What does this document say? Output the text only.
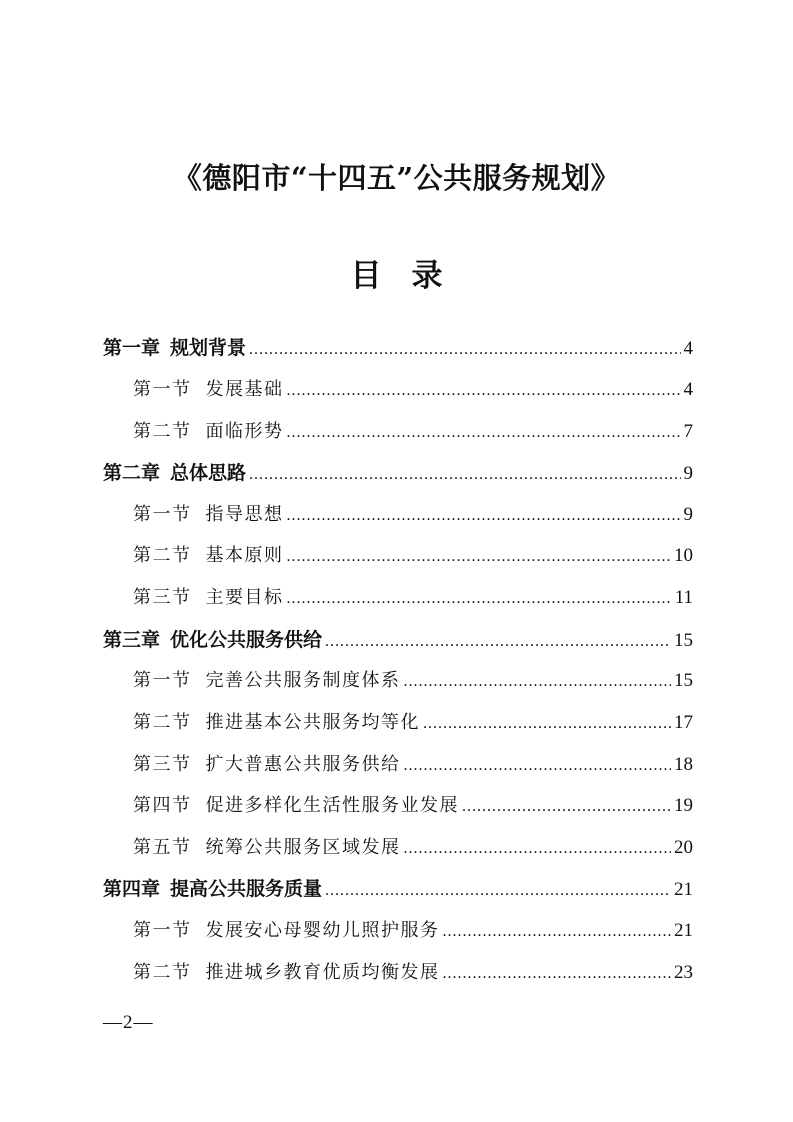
《德阳市“十四五”公共服务规划》
目 录
第一章 规划背景 .....	4
第一节 发展基础 .....	4
第二节 面临形势 .....	7
第二章 总体思路 .....	9
第一节 指导思想 .....	9
第二节 基本原则 .....	10
第三节 主要目标 .....	11
第三章 优化公共服务供给 .....	15
第一节 完善公共服务制度体系 .....	15
第二节 推进基本公共服务均等化 .....	17
第三节 扩大普惠公共服务供给 .....	18
第四节 促进多样化生活性服务业发展 .....	19
第五节 统筹公共服务区域发展 .....	20
第四章 提高公共服务质量 .....	21
第一节 发展安心母婴幼儿照护服务 .....	21
第二节 推进城乡教育优质均衡发展 .....	23
—2—
